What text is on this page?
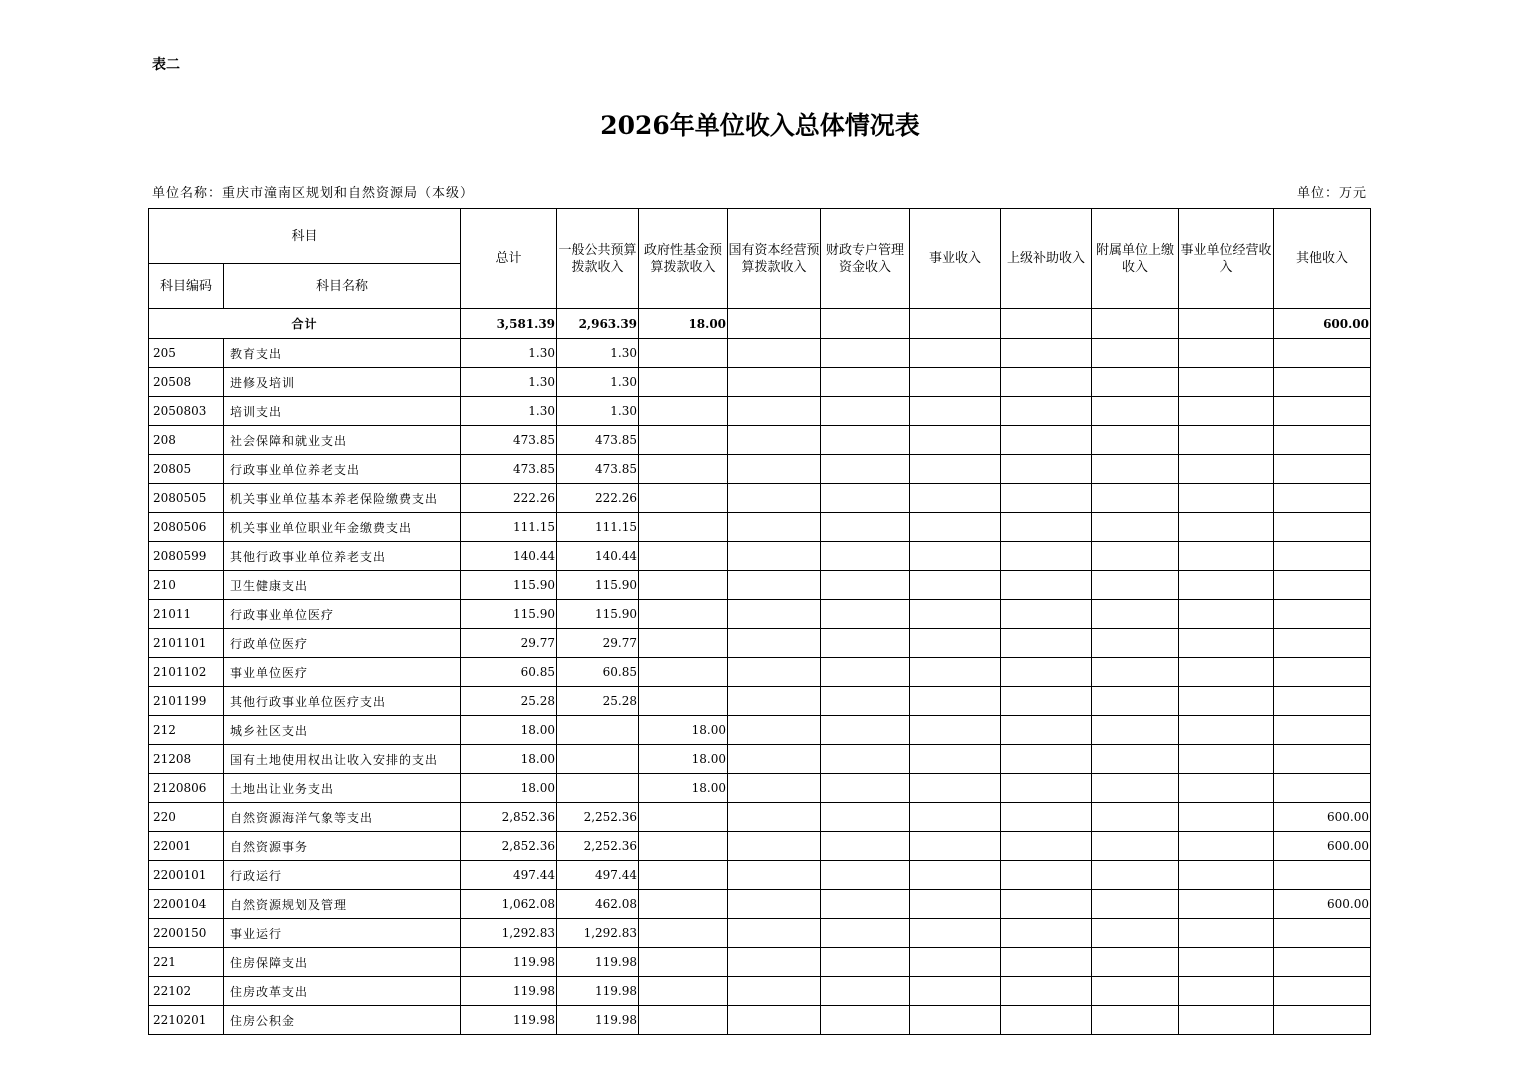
表二
2026年单位收入总体情况表
单位名称：重庆市潼南区规划和自然资源局（本级）	单位：万元
科目		总计	一般公共预算拨款收入	政府性基金预算拨款收入	国有资本经营预算拨款收入	财政专户管理资金收入	事业收入	上级补助收入	附属单位上缴收入	事业单位经营收入	其他收入
科目编码	科目名称										
合计		3,581.39	2,963.39	18.00							600.00
205	教育支出	1.30	1.30								
20508	进修及培训	1.30	1.30								
2050803	培训支出	1.30	1.30								
208	社会保障和就业支出	473.85	473.85								
20805	行政事业单位养老支出	473.85	473.85								
2080505	机关事业单位基本养老保险缴费支出	222.26	222.26								
2080506	机关事业单位职业年金缴费支出	111.15	111.15								
2080599	其他行政事业单位养老支出	140.44	140.44								
210	卫生健康支出	115.90	115.90								
21011	行政事业单位医疗	115.90	115.90								
2101101	行政单位医疗	29.77	29.77								
2101102	事业单位医疗	60.85	60.85								
2101199	其他行政事业单位医疗支出	25.28	25.28								
212	城乡社区支出	18.00		18.00							
21208	国有土地使用权出让收入安排的支出	18.00		18.00							
2120806	土地出让业务支出	18.00		18.00							
220	自然资源海洋气象等支出	2,852.36	2,252.36								600.00
22001	自然资源事务	2,852.36	2,252.36								600.00
2200101	行政运行	497.44	497.44								
2200104	自然资源规划及管理	1,062.08	462.08								600.00
2200150	事业运行	1,292.83	1,292.83								
221	住房保障支出	119.98	119.98								
22102	住房改革支出	119.98	119.98								
2210201	住房公积金	119.98	119.98								
